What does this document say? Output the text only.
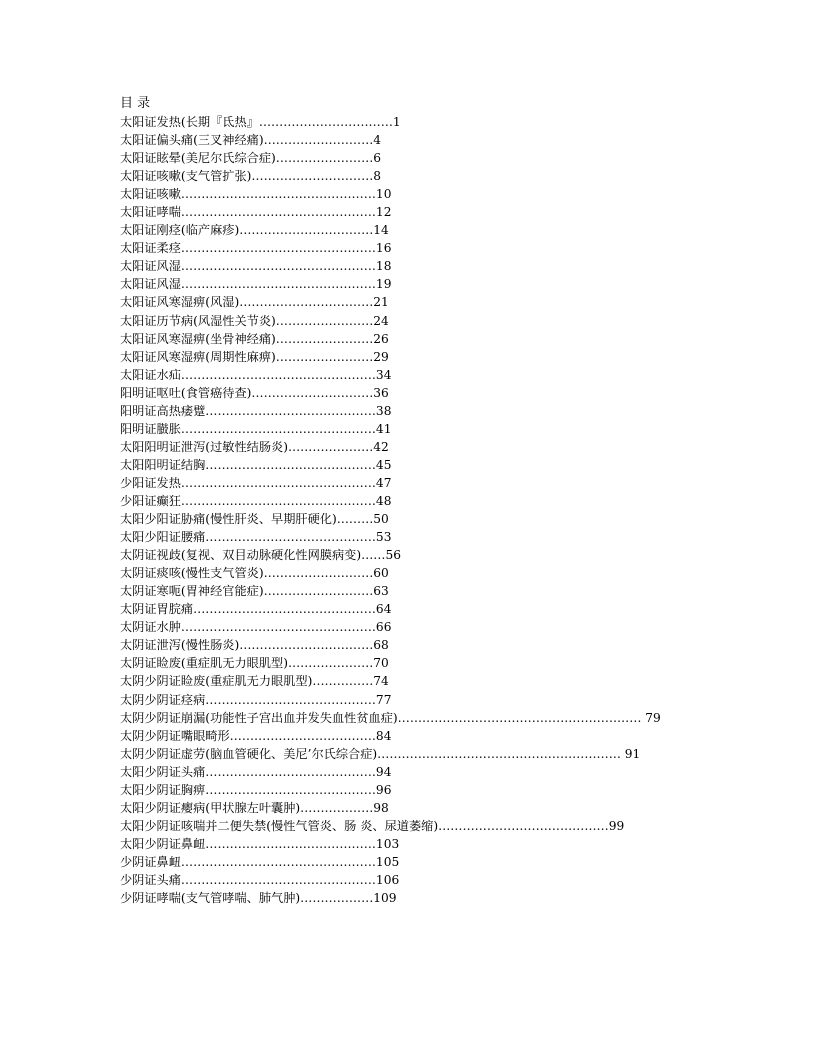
目 录
太阳证发热(长期『氐热』……………………………1
太阳证偏头痛(三叉神经痛)………………………4
太阳证眩晕(美尼尔氏综合症)……………………6
太阳证咳嗽(支气管扩张)…………………………8
太阳证咳嗽…………………………………………10
太阳证哮喘…………………………………………12
太阳证刚痉(临产麻疹)……………………………14
太阳证柔痉…………………………………………16
太阳证风湿…………………………………………18
太阳证风湿…………………………………………19
太阳证风寒湿痹(风湿)……………………………21
太阳证历节病(风湿性关节炎)……………………24
太阳证风寒湿痹(坐骨神经痛)……………………26
太阳证风寒湿痹(周期性麻痹)……………………29
太阳证水疝…………………………………………34
阳明证呕吐(食管癌待查)…………………………36
阳明证高热痿躄……………………………………38
阳明证臌胀…………………………………………41
太阳阳明证泄泻(过敏性结肠炎)…………………42
太阳阳明证结胸……………………………………45
少阳证发热…………………………………………47
少阳证癫狂…………………………………………48
太阳少阳证胁痛(慢性肝炎、早期肝硬化)………50
太阳少阳证腰痛……………………………………53
太阴证视歧(复视、双目动脉硬化性网膜病变)……56
太阴证痰咳(慢性支气管炎)………………………60
太阴证寒呃(胃神经官能症)………………………63
太阴证胃脘痛………………………………………64
太阴证水肿…………………………………………66
太阴证泄泻(慢性肠炎)……………………………68
太阴证睑废(重症肌无力眼肌型)…………………70
太阴少阴证睑废(重症肌无力眼肌型)……………74
太阴少阴证痉病……………………………………77
太阴少阴证崩漏(功能性子宫出血并发失血性贫血症)…………………………………………………… 79
太阴少阴证嘴眼畸形………………………………84
太阴少阴证虚劳(脑血管硬化、美尼’尔氏综合症)…………………………………………………… 91
太阳少阴证头痛……………………………………94
太阳少阴证胸痹……………………………………96
太阳少阴证瘿病(甲状腺左叶囊肿)………………98
太阳少阴证咳喘并二便失禁(慢性气管炎、肠 炎、尿道萎缩)……………………………………99
太阳少阴证鼻衄……………………………………103
少阴证鼻衄…………………………………………105
少阴证头痛…………………………………………106
少阴证哮喘(支气管哮喘、肺气肿)………………109
